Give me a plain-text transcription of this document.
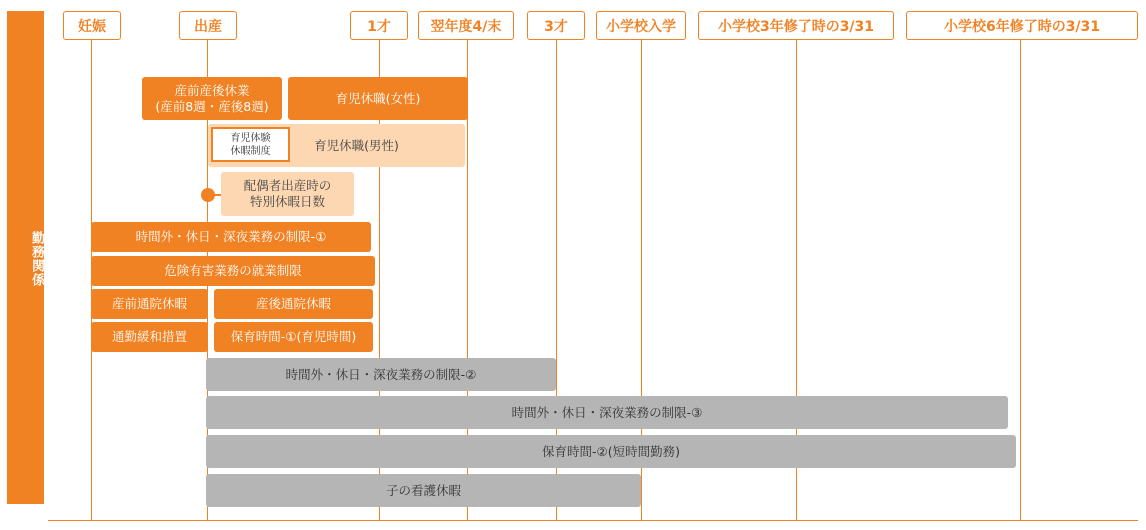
勤務関係
妊娠	出産	1才	翌年度4/末	3才	小学校入学	小学校3年修了時の3/31	小学校6年修了時の3/31
産前産後休業
(産前8週・産後8週)
育児休職(女性)
育児休職(男性)
育児体験
休暇制度
配偶者出産時の
特別休暇日数
時間外・休日・深夜業務の制限-①
危険有害業務の就業制限
産前通院休暇	産後通院休暇
通勤緩和措置	保育時間-①(育児時間)
時間外・休日・深夜業務の制限-②
時間外・休日・深夜業務の制限-③
保育時間-②(短時間勤務)
子の看護休暇
